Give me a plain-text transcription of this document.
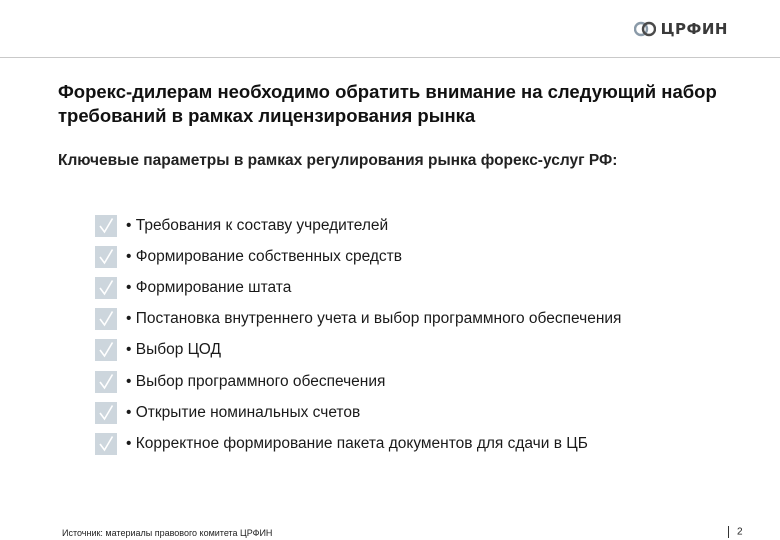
ЦРФИН
Форекс-дилерам необходимо обратить внимание на следующий набор требований в рамках лицензирования рынка

Ключевые параметры в рамках регулирования рынка форекс-услуг РФ:

• Требования к составу учредителей
• Формирование собственных средств
• Формирование штата
• Постановка внутреннего учета и выбор программного обеспечения
• Выбор ЦОД
• Выбор программного обеспечения
• Открытие номинальных счетов
• Корректное формирование пакета документов для сдачи в ЦБ
Источник: материалы правового комитета ЦРФИН	2
